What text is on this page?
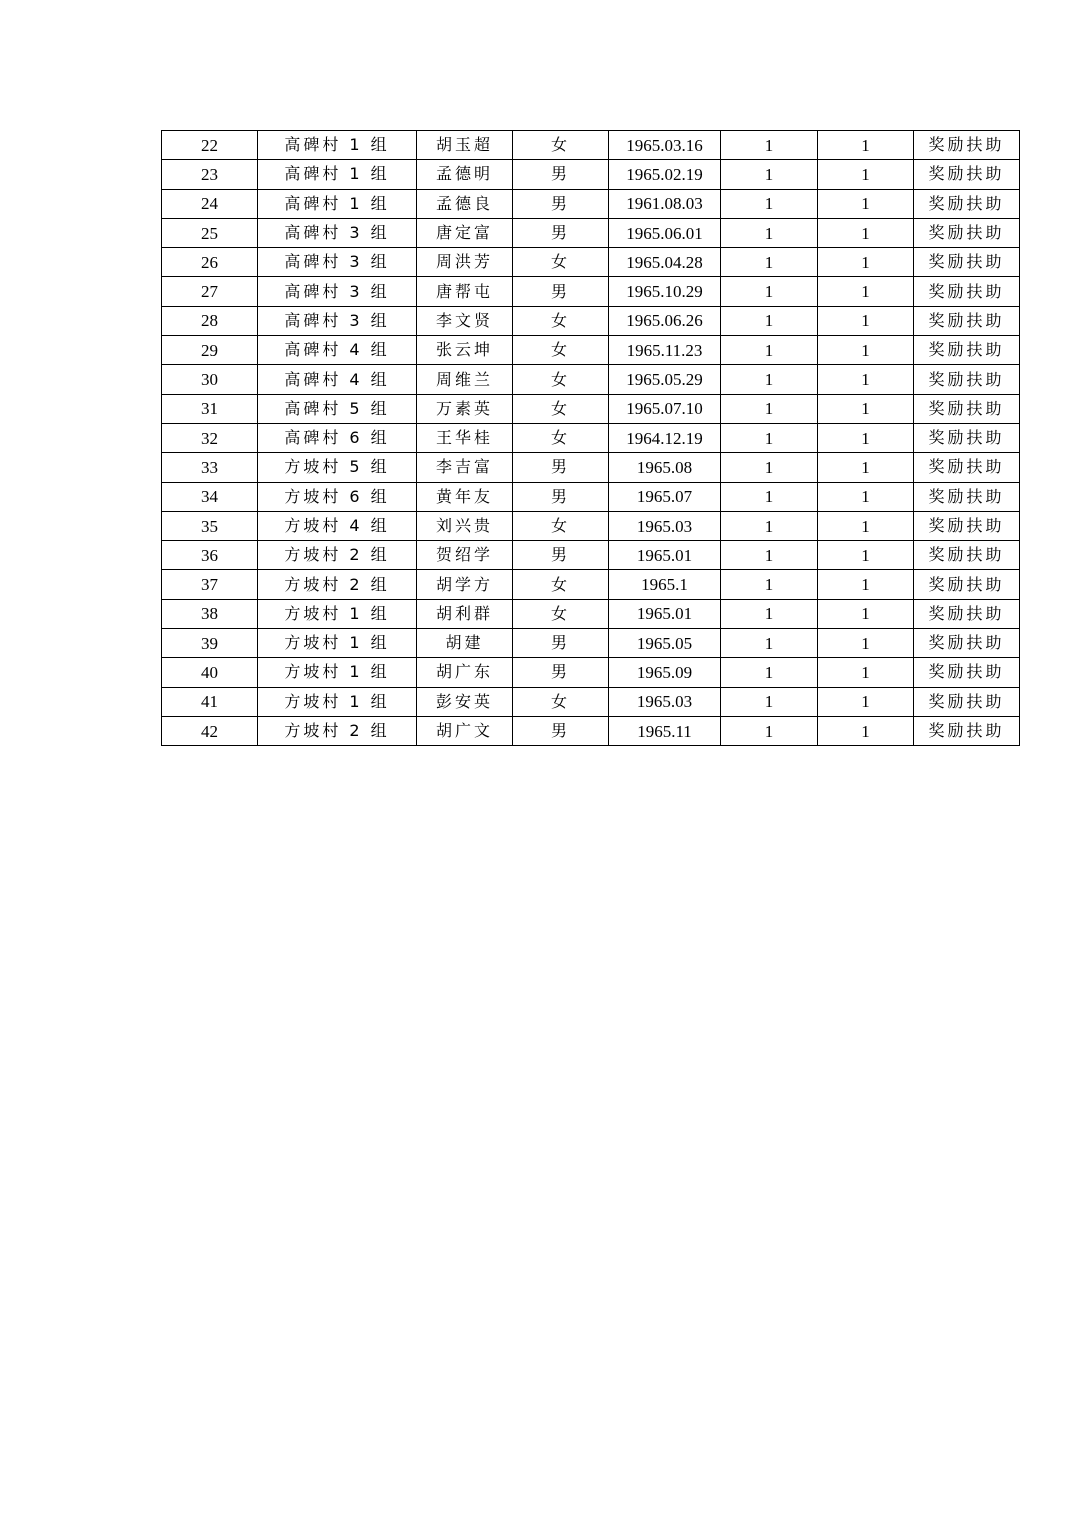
22	高碑村 1 组	胡玉超	女	1965.03.16	1	1	奖励扶助
23	高碑村 1 组	孟德明	男	1965.02.19	1	1	奖励扶助
24	高碑村 1 组	孟德良	男	1961.08.03	1	1	奖励扶助
25	高碑村 3 组	唐定富	男	1965.06.01	1	1	奖励扶助
26	高碑村 3 组	周洪芳	女	1965.04.28	1	1	奖励扶助
27	高碑村 3 组	唐帮屯	男	1965.10.29	1	1	奖励扶助
28	高碑村 3 组	李文贤	女	1965.06.26	1	1	奖励扶助
29	高碑村 4 组	张云坤	女	1965.11.23	1	1	奖励扶助
30	高碑村 4 组	周维兰	女	1965.05.29	1	1	奖励扶助
31	高碑村 5 组	万素英	女	1965.07.10	1	1	奖励扶助
32	高碑村 6 组	王华桂	女	1964.12.19	1	1	奖励扶助
33	方坡村 5 组	李吉富	男	1965.08	1	1	奖励扶助
34	方坡村 6 组	黄年友	男	1965.07	1	1	奖励扶助
35	方坡村 4 组	刘兴贵	女	1965.03	1	1	奖励扶助
36	方坡村 2 组	贺绍学	男	1965.01	1	1	奖励扶助
37	方坡村 2 组	胡学方	女	1965.1	1	1	奖励扶助
38	方坡村 1 组	胡利群	女	1965.01	1	1	奖励扶助
39	方坡村 1 组	胡建	男	1965.05	1	1	奖励扶助
40	方坡村 1 组	胡广东	男	1965.09	1	1	奖励扶助
41	方坡村 1 组	彭安英	女	1965.03	1	1	奖励扶助
42	方坡村 2 组	胡广文	男	1965.11	1	1	奖励扶助
